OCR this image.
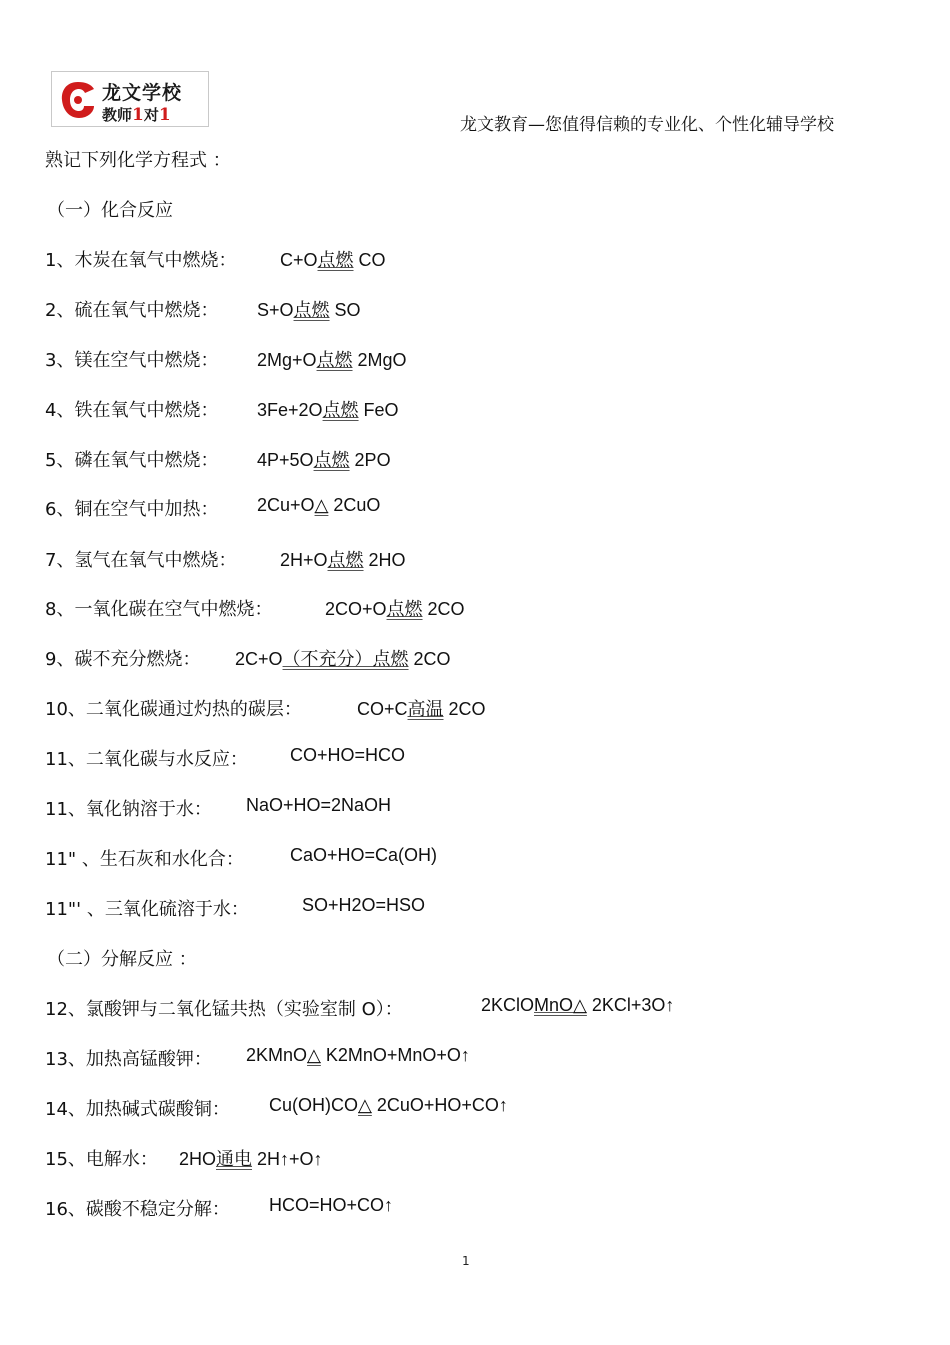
龙文学校
教师1对1	龙文教育—您值得信赖的专业化、个性化辅导学校
熟记下列化学方程式 ：
（一）化合反应
1、木炭在氧气中燃烧： C+O点燃 CO
2、硫在氧气中燃烧： S+O点燃 SO
3、镁在空气中燃烧： 2Mg+O点燃 2MgO
4、铁在氧气中燃烧： 3Fe+2O点燃 FeO
5、磷在氧气中燃烧： 4P+5O点燃 2PO
6、铜在空气中加热： 2Cu+O△ 2CuO
7、氢气在氧气中燃烧： 2H+O点燃 2HO
8、一氧化碳在空气中燃烧：	2CO+O点燃 2CO
9、碳不充分燃烧： 2C+O（不充分）点燃 2CO
10、二氧化碳通过灼热的碳层：	CO+C高温 2CO
11、二氧化碳与水反应： CO+HO=HCO
11、氧化钠溶于水： NaO+HO=2NaOH
11" 、生石灰和水化合：	CaO+HO=Ca(OH)
11"' 、三氧化硫溶于水：	SO+H2O=HSO
（二）分解反应 ：
12、氯酸钾与二氧化锰共热（实验室制 O）：	2KClOMnO△ 2KCl+3O↑
13、加热高锰酸钾： 2KMnO△ K2MnO+MnO+O↑
14、加热碱式碳酸铜： Cu(OH)CO△ 2CuO+HO+CO↑
15、电解水： 2HO通电 2H↑+O↑
16、碳酸不稳定分解： HCO=HO+CO↑
1
